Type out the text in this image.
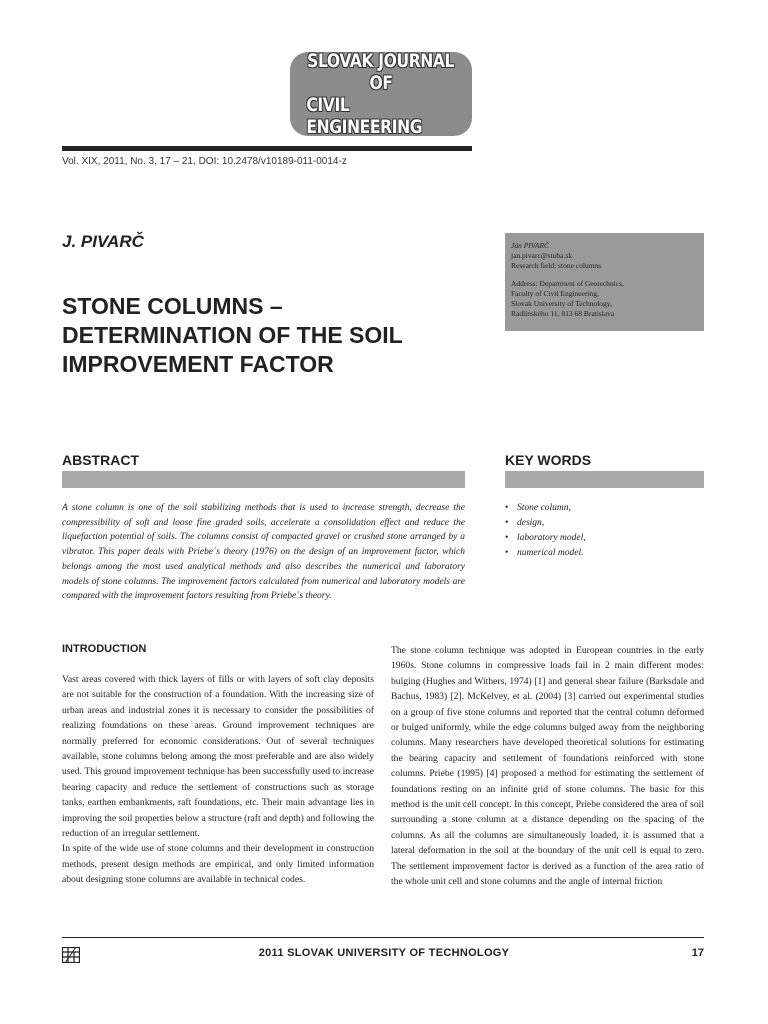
SLOVAK JOURNAL
OF
CIVIL ENGINEERING
Vol. XIX, 2011, No. 3, 17 – 21, DOI: 10.2478/v10189-011-0014-z
J. PIVARČ
STONE COLUMNS –
DETERMINATION OF THE SOIL
IMPROVEMENT FACTOR
Ján PIVARČ
jan.pivarc@stuba.sk
Research field: stone columns
Address: Department of Geotechnics,
Faculty of Civil Engineering,
Slovak University of Technology,
Radlinského 11, 813 68 Bratislava
ABSTRACT

A stone column is one of the soil stabilizing methods that is used to increase strength, decrease the compressibility of soft and loose fine graded soils, accelerate a consolidation effect and reduce the liquefaction potential of soils. The columns consist of compacted gravel or crushed stone arranged by a vibrator. This paper deals with Priebe´s theory (1976) on the design of an improvement factor, which belongs among the most used analytical methods and also describes the numerical and laboratory models of stone columns. The improvement factors calculated from numerical and laboratory models are compared with the improvement factors resulting from Priebe´s theory.

KEY WORDS
• Stone column,
• design,
• laboratory model,
• numerical model.
INTRODUCTION

Vast areas covered with thick layers of fills or with layers of soft clay deposits are not suitable for the construction of a foundation. With the increasing size of urban areas and industrial zones it is necessary to consider the possibilities of realizing foundations on these areas. Ground improvement techniques are normally preferred for economic considerations. Out of several techniques available, stone columns belong among the most preferable and are also widely used. This ground improvement technique has been successfully used to increase bearing capacity and reduce the settlement of constructions such as storage tanks, earthen embankments, raft foundations, etc. Their main advantage lies in improving the soil properties below a structure (raft and depth) and following the reduction of an irregular settlement.

In spite of the wide use of stone columns and their development in construction methods, present design methods are empirical, and only limited information about designing stone columns are available in technical codes.

The stone column technique was adopted in European countries in the early 1960s. Stone columns in compressive loads fail in 2 main different modes: bulging (Hughes and Withers, 1974) [1] and general shear failure (Barksdale and Bachus, 1983) [2]. McKelvey, et al. (2004) [3] carried out experimental studies on a group of five stone columns and reported that the central column deformed or bulged uniformly, while the edge columns bulged away from the neighboring columns. Many researchers have developed theoretical solutions for estimating the bearing capacity and settlement of foundations reinforced with stone columns. Priebe (1995) [4] proposed a method for estimating the settlement of foundations resting on an infinite grid of stone columns. The basic for this method is the unit cell concept. In this concept, Priebe considered the area of soil surrounding a stone column at a distance depending on the spacing of the columns. As all the columns are simultaneously loaded, it is assumed that a lateral deformation in the soil at the boundary of the unit cell is equal to zero. The settlement improvement factor is derived as a function of the area ratio of the whole unit cell and stone columns and the angle of internal friction

2011 SLOVAK UNIVERSITY OF TECHNOLOGY	17
